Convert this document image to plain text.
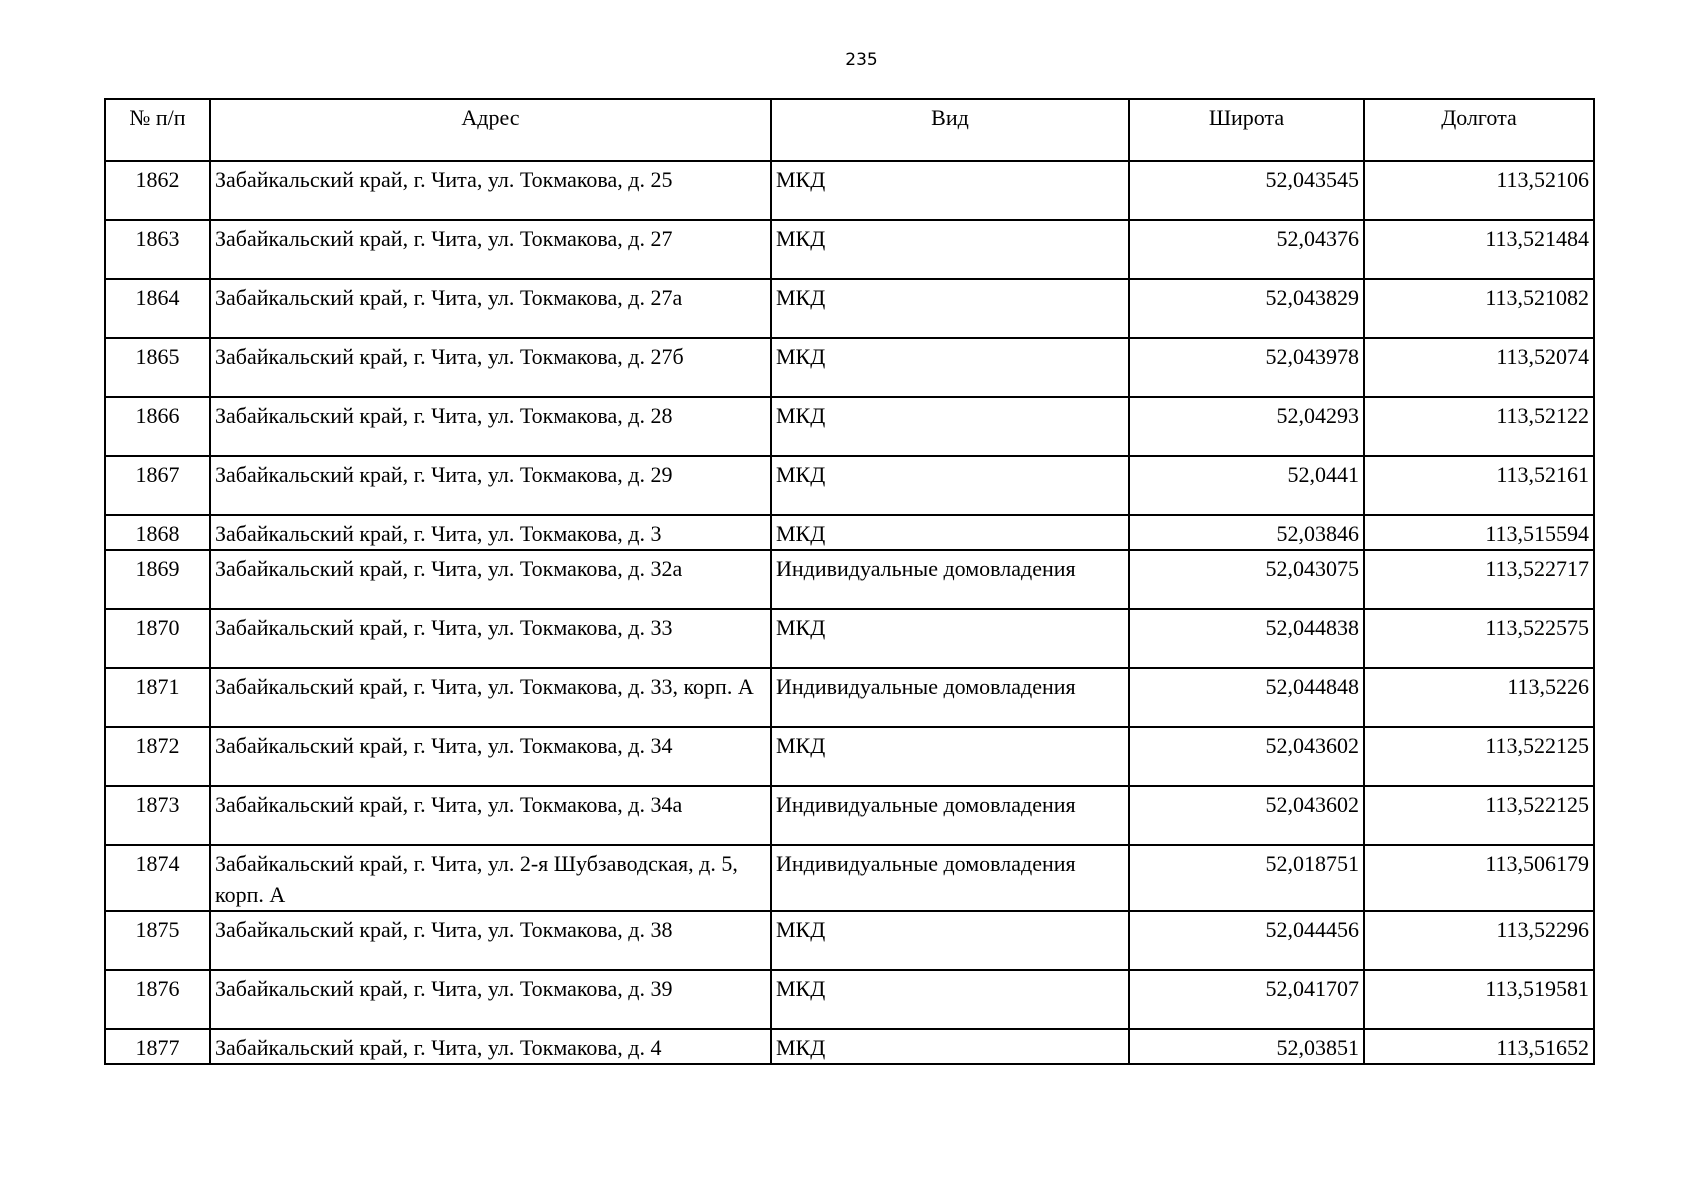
235
№ п/п	Адрес	Вид	Широта	Долгота
1862	Забайкальский край, г. Чита, ул. Токмакова, д. 25	МКД	52,043545	113,52106
1863	Забайкальский край, г. Чита, ул. Токмакова, д. 27	МКД	52,04376	113,521484
1864	Забайкальский край, г. Чита, ул. Токмакова, д. 27а	МКД	52,043829	113,521082
1865	Забайкальский край, г. Чита, ул. Токмакова, д. 27б	МКД	52,043978	113,52074
1866	Забайкальский край, г. Чита, ул. Токмакова, д. 28	МКД	52,04293	113,52122
1867	Забайкальский край, г. Чита, ул. Токмакова, д. 29	МКД	52,0441	113,52161
1868	Забайкальский край, г. Чита, ул. Токмакова, д. 3	МКД	52,03846	113,515594
1869	Забайкальский край, г. Чита, ул. Токмакова, д. 32а	Индивидуальные домовладения	52,043075	113,522717
1870	Забайкальский край, г. Чита, ул. Токмакова, д. 33	МКД	52,044838	113,522575
1871	Забайкальский край, г. Чита, ул. Токмакова, д. 33, корп. А	Индивидуальные домовладения	52,044848	113,5226
1872	Забайкальский край, г. Чита, ул. Токмакова, д. 34	МКД	52,043602	113,522125
1873	Забайкальский край, г. Чита, ул. Токмакова, д. 34а	Индивидуальные домовладения	52,043602	113,522125
1874	Забайкальский край, г. Чита, ул. 2-я Шубзаводская, д. 5, корп. А	Индивидуальные домовладения	52,018751	113,506179
1875	Забайкальский край, г. Чита, ул. Токмакова, д. 38	МКД	52,044456	113,52296
1876	Забайкальский край, г. Чита, ул. Токмакова, д. 39	МКД	52,041707	113,519581
1877	Забайкальский край, г. Чита, ул. Токмакова, д. 4	МКД	52,03851	113,51652
